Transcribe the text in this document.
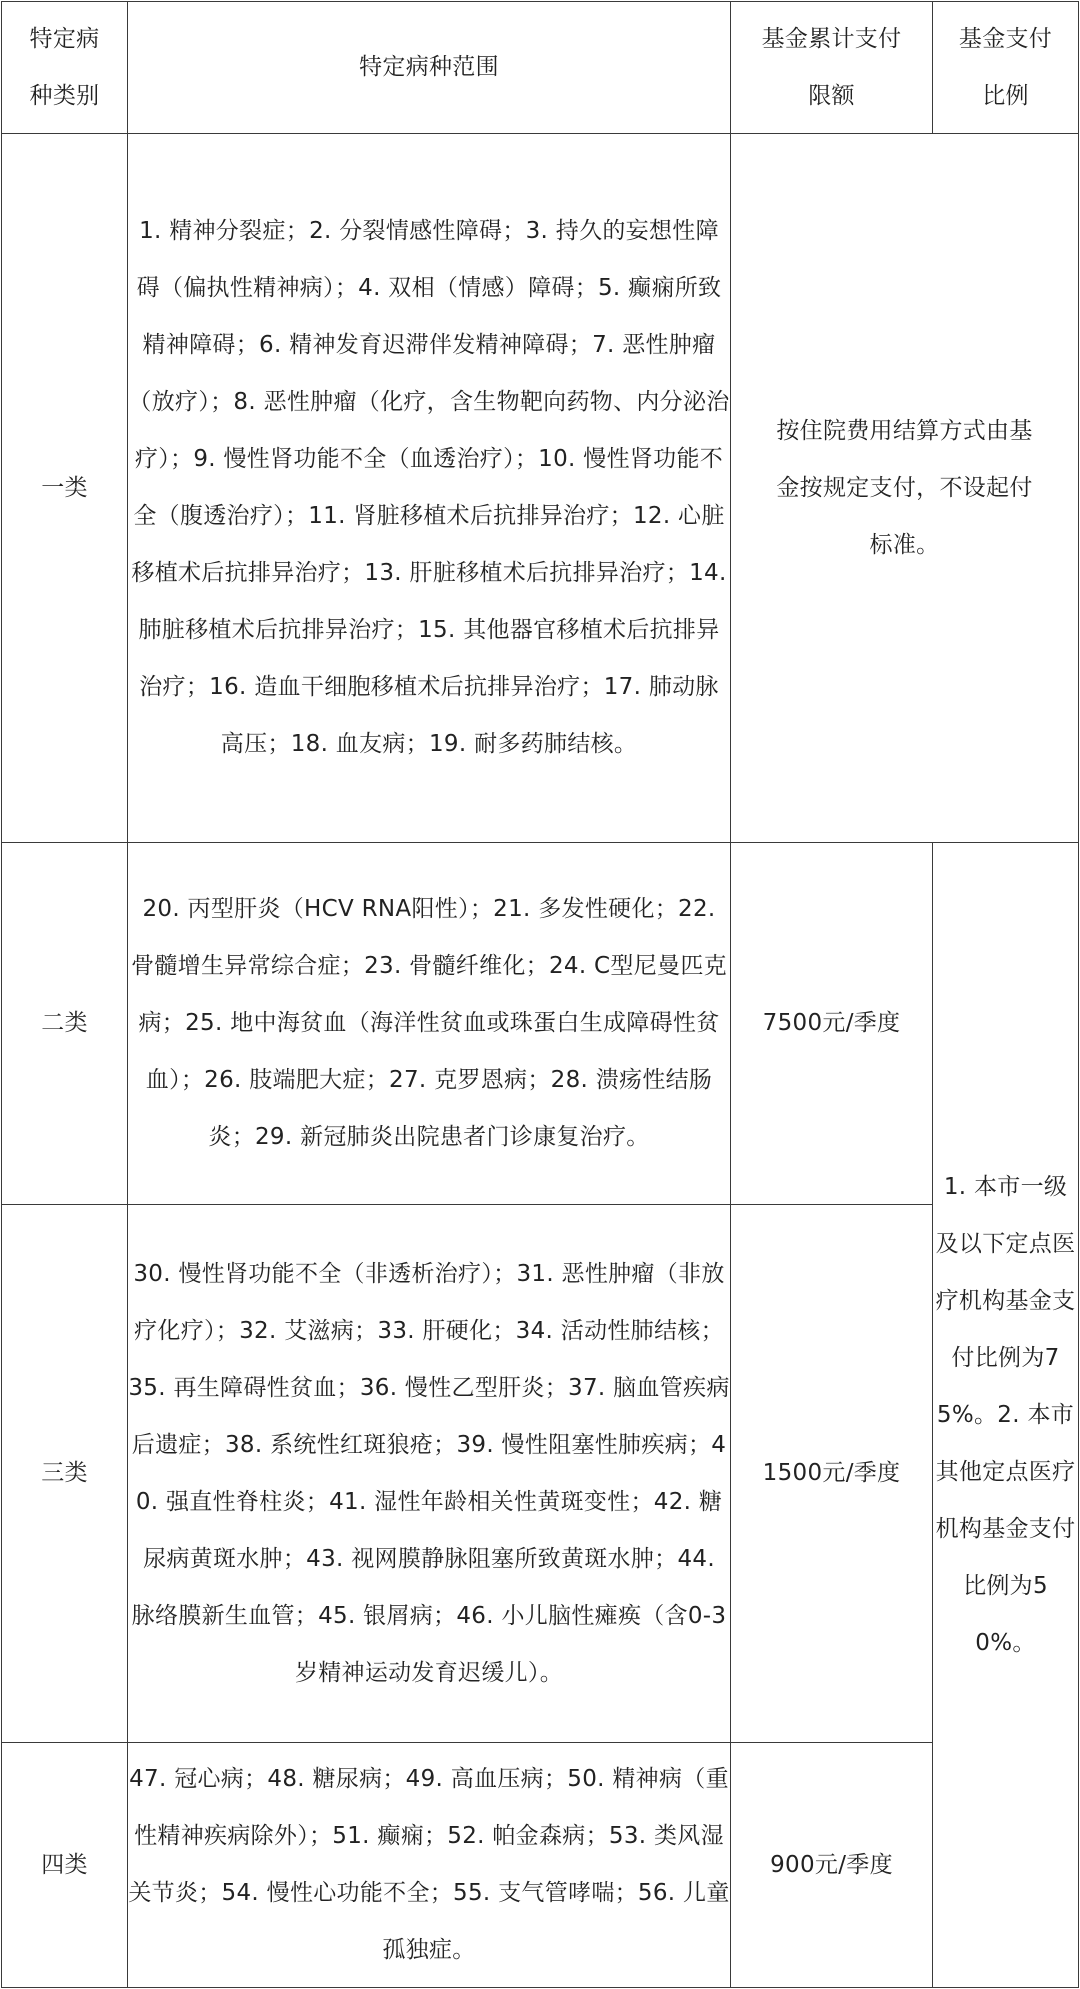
特定病种类别	特定病种范围	基金累计支付限额	基金支付比例
一类	1. 精神分裂症；2. 分裂情感性障碍；3. 持久的妄想性障碍（偏执性精神病）；4. 双相（情感）障碍；5. 癫痫所致精神障碍；6. 精神发育迟滞伴发精神障碍；7. 恶性肿瘤（放疗）；8. 恶性肿瘤（化疗，含生物靶向药物、内分泌治疗）；9. 慢性肾功能不全（血透治疗）；10. 慢性肾功能不全（腹透治疗）；11. 肾脏移植术后抗排异治疗；12. 心脏移植术后抗排异治疗；13. 肝脏移植术后抗排异治疗；14. 肺脏移植术后抗排异治疗；15. 其他器官移植术后抗排异治疗；16. 造血干细胞移植术后抗排异治疗；17. 肺动脉高压；18. 血友病；19. 耐多药肺结核。	按住院费用结算方式由基金按规定支付，不设起付标准。	
二类	20. 丙型肝炎（HCV RNA阳性）；21. 多发性硬化；22. 骨髓增生异常综合症；23. 骨髓纤维化；24. C型尼曼匹克病；25. 地中海贫血（海洋性贫血或珠蛋白生成障碍性贫血）；26. 肢端肥大症；27. 克罗恩病；28. 溃疡性结肠炎；29. 新冠肺炎出院患者门诊康复治疗。	7500元/季度	1. 本市一级及以下定点医疗机构基金支付比例为75%。2. 本市其他定点医疗机构基金支付比例为50%。
三类	30. 慢性肾功能不全（非透析治疗）；31. 恶性肿瘤（非放疗化疗）；32. 艾滋病；33. 肝硬化；34. 活动性肺结核；35. 再生障碍性贫血；36. 慢性乙型肝炎；37. 脑血管疾病后遗症；38. 系统性红斑狼疮；39. 慢性阻塞性肺疾病；40. 强直性脊柱炎；41. 湿性年龄相关性黄斑变性；42. 糖尿病黄斑水肿；43. 视网膜静脉阻塞所致黄斑水肿；44. 脉络膜新生血管；45. 银屑病；46. 小儿脑性瘫痪（含0-3岁精神运动发育迟缓儿）。	1500元/季度	
四类	47. 冠心病；48. 糖尿病；49. 高血压病；50. 精神病（重性精神疾病除外）；51. 癫痫；52. 帕金森病；53. 类风湿关节炎；54. 慢性心功能不全；55. 支气管哮喘；56. 儿童孤独症。	900元/季度	
